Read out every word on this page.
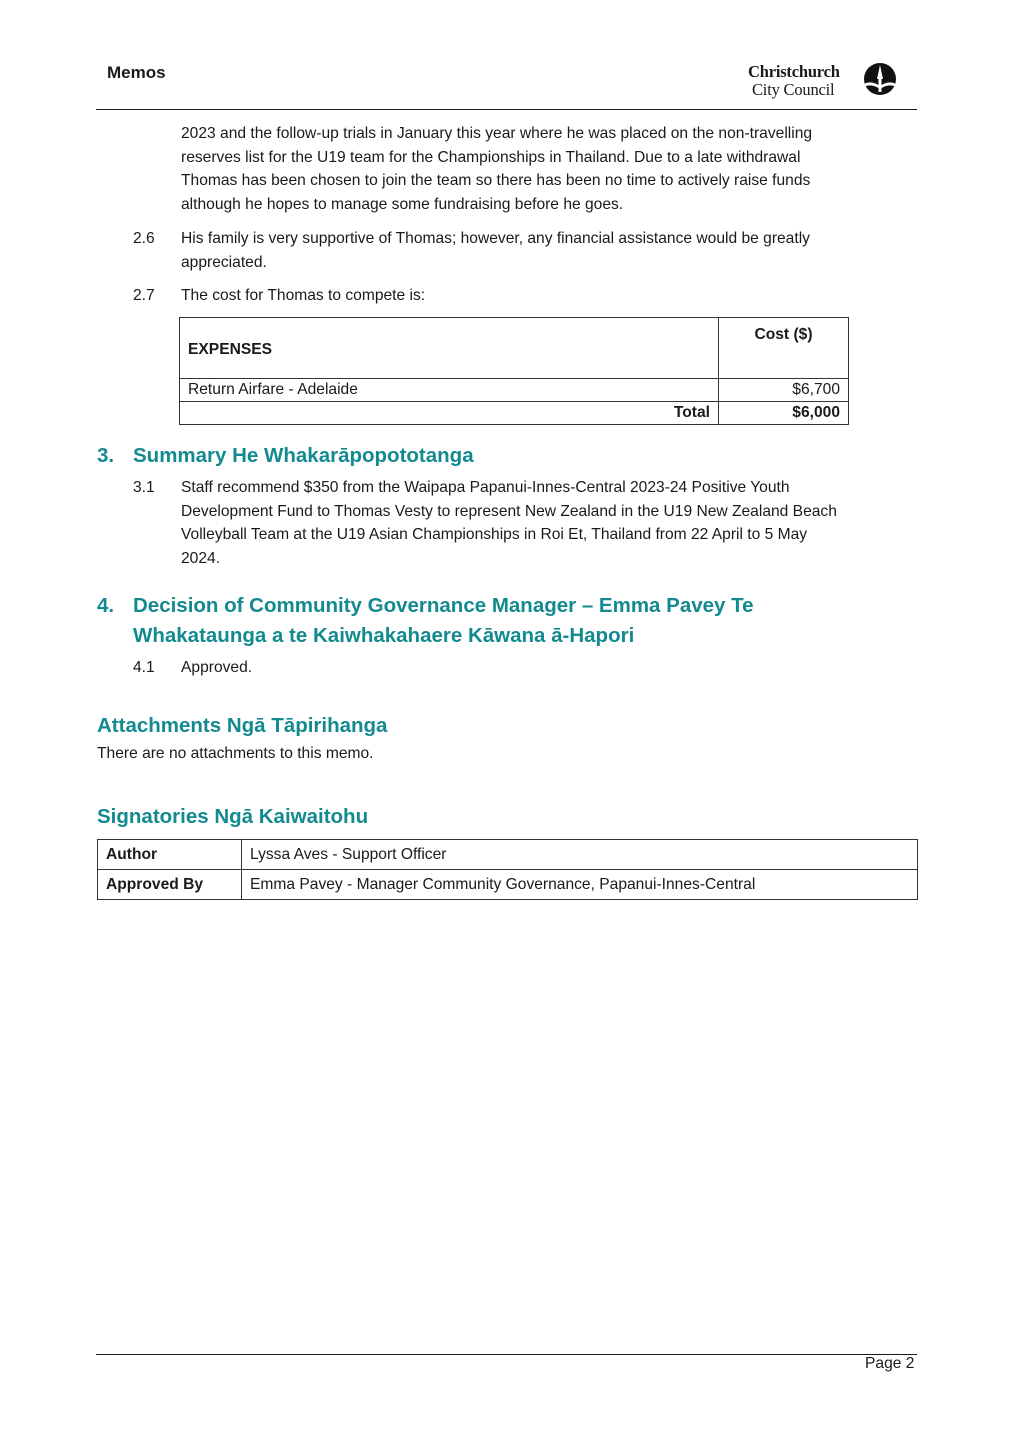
Memos	Christchurch
City Council
2023 and the follow-up trials in January this year where he was placed on the non-travelling
reserves list for the U19 team for the Championships in Thailand. Due to a late withdrawal
Thomas has been chosen to join the team so there has been no time to actively raise funds
although he hopes to manage some fundraising before he goes.
2.6 His family is very supportive of Thomas; however, any financial assistance would be greatly
appreciated.
2.7 The cost for Thomas to compete is:
EXPENSES	Cost ($)
Return Airfare - Adelaide	$6,700
Total	$6,000
3. Summary He Whakarāpopototanga
3.1 Staff recommend $350 from the Waipapa Papanui-Innes-Central 2023-24 Positive Youth
Development Fund to Thomas Vesty to represent New Zealand in the U19 New Zealand Beach
Volleyball Team at the U19 Asian Championships in Roi Et, Thailand from 22 April to 5 May
2024.
4. Decision of Community Governance Manager – Emma Pavey Te
Whakataunga a te Kaiwhakahaere Kāwana ā-Hapori
4.1 Approved.
Attachments Ngā Tāpirihanga
There are no attachments to this memo.
Signatories Ngā Kaiwaitohu
Author	Lyssa Aves - Support Officer
Approved By	Emma Pavey - Manager Community Governance, Papanui-Innes-Central
Page 2
